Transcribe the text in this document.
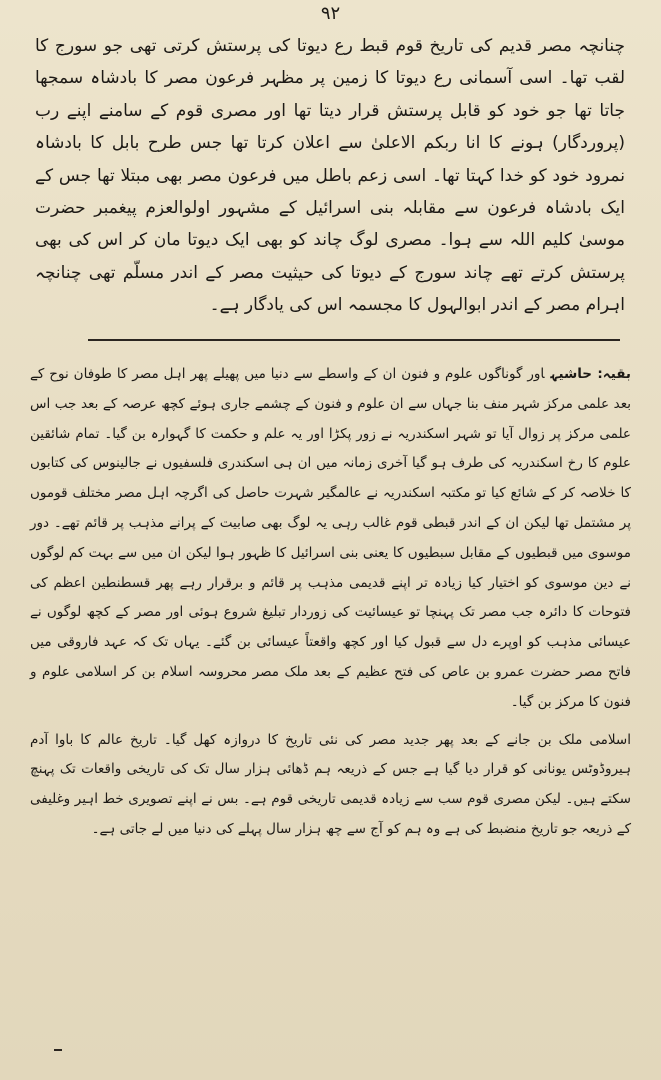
۹۲

چنانچہ مصر قدیم کی تاریخ قوم قبط رع دیوتا کی پرستش کرتی تھی جو سورج کا لقب تھا۔ اسی آسمانی رع دیوتا کا زمین پر مظہر فرعون مصر کا بادشاہ سمجھا جاتا تھا جو خود کو قابل پرستش قرار دیتا تھا اور مصری قوم کے سامنے اپنے رب (پروردگار) ہونے کا انا ربکم الاعلیٰ سے اعلان کرتا تھا جس طرح بابل کا بادشاہ نمرود خود کو خدا کہتا تھا۔ اسی زعم باطل میں فرعون مصر بھی مبتلا تھا جس کے ایک بادشاہ فرعون سے مقابلہ بنی اسرائیل کے مشہور اولوالعزم پیغمبر حضرت موسیٰ کلیم اللہ سے ہوا۔ مصری لوگ چاند کو بھی ایک دیوتا مان کر اس کی بھی پرستش کرتے تھے چاند سورج کے دیوتا کی حیثیت مصر کے اندر مسلّم تھی چنانچہ اہرام مصر کے اندر ابوالہول کا مجسمہ اس کی یادگار ہے۔

بقیہ: حاشیہاور گوناگوں علوم و فنون ان کے واسطے سے دنیا میں پھیلے پھر اہل مصر کا طوفان نوح کے بعد علمی مرکز شہر منف بنا جہاں سے ان علوم و فنون کے چشمے جاری ہوئے کچھ عرصہ کے بعد جب اس علمی مرکز پر زوال آیا تو شہر اسکندریہ نے زور پکڑا اور یہ علم و حکمت کا گہوارہ بن گیا۔ تمام شائقین علوم کا رخ اسکندریہ کی طرف ہو گیا آخری زمانہ میں ان ہی اسکندری فلسفیوں نے جالینوس کی کتابوں کا خلاصہ کر کے شائع کیا تو مکتبہ اسکندریہ نے عالمگیر شہرت حاصل کی اگرچہ اہل مصر مختلف قوموں پر مشتمل تھا لیکن ان کے اندر قبطی قوم غالب رہی یہ لوگ بھی صابیت کے پرانے مذہب پر قائم تھے۔ دور موسوی میں قبطیوں کے مقابل سبطیوں کا یعنی بنی اسرائیل کا ظہور ہوا لیکن ان میں سے بہت کم لوگوں نے دین موسوی کو اختیار کیا زیادہ تر اپنے قدیمی مذہب پر قائم و برقرار رہے پھر قسطنطین اعظم کی فتوحات کا دائرہ جب مصر تک پہنچا تو عیسائیت کی زوردار تبلیغ شروع ہوئی اور مصر کے کچھ لوگوں نے عیسائی مذہب کو اوپرے دل سے قبول کیا اور کچھ واقعتاً عیسائی بن گئے۔ یہاں تک کہ عہد فاروقی میں فاتح مصر حضرت عمرو بن عاص کی فتح عظیم کے بعد ملک مصر محروسہ اسلام بن کر اسلامی علوم و فنون کا مرکز بن گیا۔

اسلامی ملک بن جانے کے بعد پھر جدید مصر کی نئی تاریخ کا دروازہ کھل گیا۔ تاریخ عالم کا باوا آدم ہیروڈوٹس یونانی کو قرار دیا گیا ہے جس کے ذریعہ ہم ڈھائی ہزار سال تک کی تاریخی واقعات تک پہنچ سکتے ہیں۔ لیکن مصری قوم سب سے زیادہ قدیمی تاریخی قوم ہے۔ بس نے اپنے تصویری خط اہیر وغلیفی کے ذریعہ جو تاریخ منضبط کی ہے وہ ہم کو آج سے چھ ہزار سال پہلے کی دنیا میں لے جاتی ہے۔
